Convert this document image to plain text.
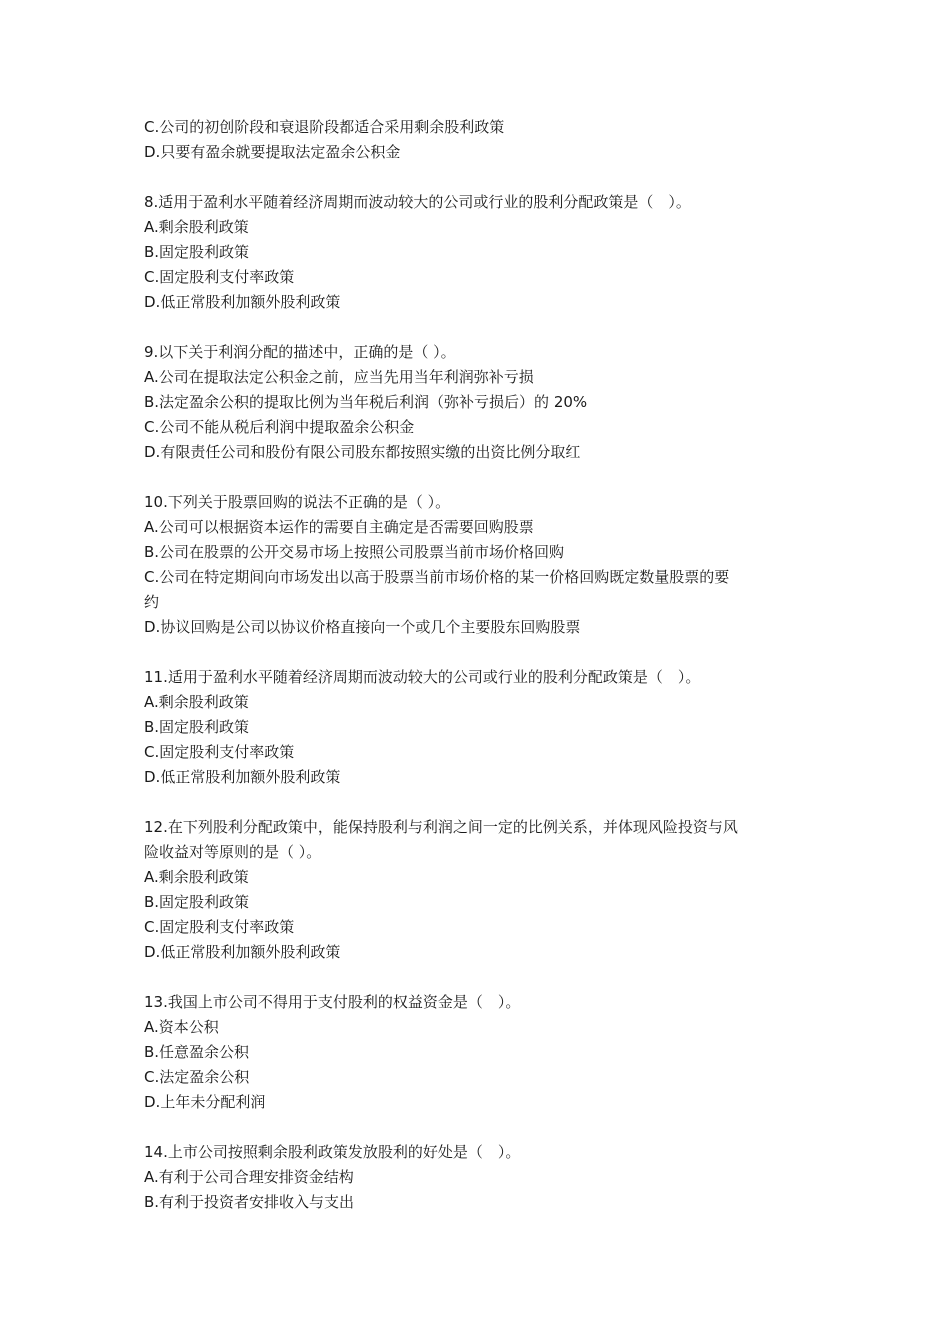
C.公司的初创阶段和衰退阶段都适合采用剩余股利政策
D.只要有盈余就要提取法定盈余公积金
8.适用于盈利水平随着经济周期而波动较大的公司或行业的股利分配政策是（　）。
A.剩余股利政策
B.固定股利政策
C.固定股利支付率政策
D.低正常股利加额外股利政策
9.以下关于利润分配的描述中，正确的是（ ）。
A.公司在提取法定公积金之前，应当先用当年利润弥补亏损
B.法定盈余公积的提取比例为当年税后利润（弥补亏损后）的 20%
C.公司不能从税后利润中提取盈余公积金
D.有限责任公司和股份有限公司股东都按照实缴的出资比例分取红
10.下列关于股票回购的说法不正确的是（ ）。
A.公司可以根据资本运作的需要自主确定是否需要回购股票
B.公司在股票的公开交易市场上按照公司股票当前市场价格回购
C.公司在特定期间向市场发出以高于股票当前市场价格的某一价格回购既定数量股票的要
约
D.协议回购是公司以协议价格直接向一个或几个主要股东回购股票
11.适用于盈利水平随着经济周期而波动较大的公司或行业的股利分配政策是（　）。
A.剩余股利政策
B.固定股利政策
C.固定股利支付率政策
D.低正常股利加额外股利政策
12.在下列股利分配政策中，能保持股利与利润之间一定的比例关系，并体现风险投资与风
险收益对等原则的是（ ）。
A.剩余股利政策
B.固定股利政策
C.固定股利支付率政策
D.低正常股利加额外股利政策
13.我国上市公司不得用于支付股利的权益资金是（　）。
A.资本公积
B.任意盈余公积
C.法定盈余公积
D.上年未分配利润
14.上市公司按照剩余股利政策发放股利的好处是（　）。
A.有利于公司合理安排资金结构
B.有利于投资者安排收入与支出
